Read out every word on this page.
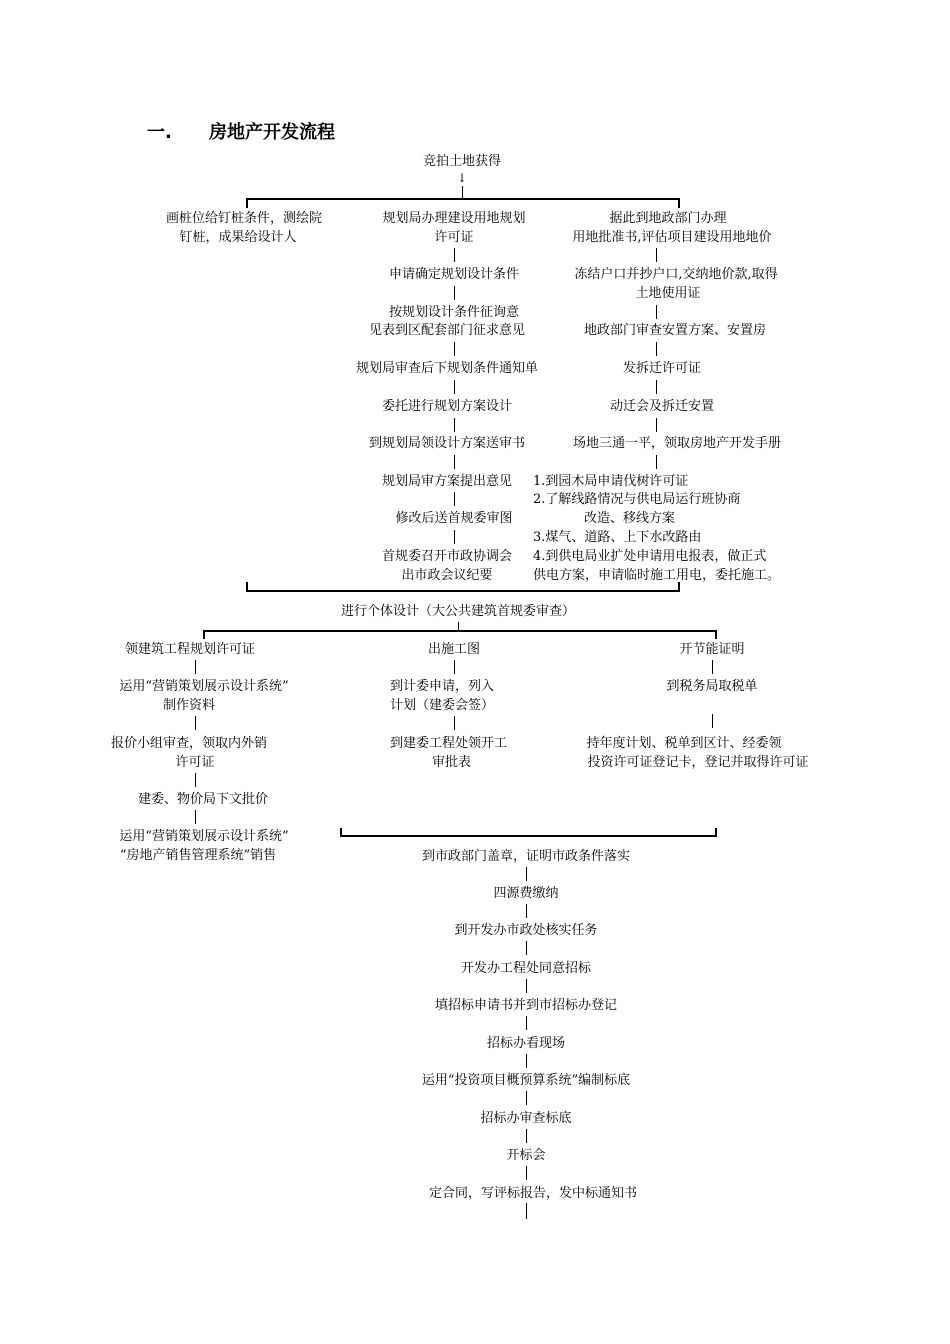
一. 房地产开发流程
竞拍土地获得
↓
画桩位给钉桩条件，测绘院
钉桩，成果给设计人
规划局办理建设用地规划
许可证
申请确定规划设计条件
按规划设计条件征询意
见表到区配套部门征求意见
规划局审查后下规划条件通知单
委托进行规划方案设计
到规划局领设计方案送审书
规划局审方案提出意见
修改后送首规委审图
首规委召开市政协调会
出市政会议纪要
据此到地政部门办理
用地批准书,评估项目建设用地地价
冻结户口并抄户口,交纳地价款,取得
土地使用证
地政部门审查安置方案、安置房
发拆迁许可证
动迁会及拆迁安置
场地三通一平，领取房地产开发手册
1.到园木局申请伐树许可证
2.了解线路情况与供电局运行班协商
改造、移线方案
3.煤气、道路、上下水改路由
4.到供电局业扩处申请用电报表，做正式
供电方案，申请临时施工用电，委托施工。
进行个体设计（大公共建筑首规委审查）
领建筑工程规划许可证
运用“营销策划展示设计系统”
制作资料
报价小组审查，领取内外销
许可证
建委、物价局下文批价
运用“营销策划展示设计系统”
“房地产销售管理系统”销售
出施工图
到计委申请，列入
计划（建委会签）
到建委工程处领开工
审批表
开节能证明
到税务局取税单
持年度计划、税单到区计、经委领
投资许可证登记卡，登记并取得许可证
到市政部门盖章，证明市政条件落实
四源费缴纳
到开发办市政处核实任务
开发办工程处同意招标
填招标申请书并到市招标办登记
招标办看现场
运用“投资项目概预算系统”编制标底
招标办审查标底
开标会
定合同，写评标报告，发中标通知书
